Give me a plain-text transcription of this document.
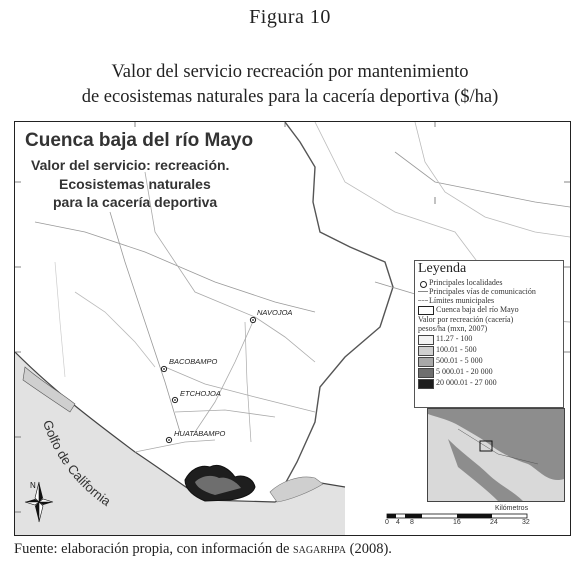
Figura 10
Valor del servicio recreación por mantenimiento
de ecosistemas naturales para la cacería deportiva ($/ha)
Golfo de California
N
Cuenca baja del río Mayo
Valor del servicio: recreación.
Ecosistemas naturales
para la cacería deportiva
NAVOJOA
BACOBAMPO
ETCHOJOA
HUATABAMPO
Leyenda
Principales localidades
Principales vías de comunicación
Límites municipales
Cuenca baja del río Mayo
Valor por recreación (cacería)
pesos/ha (mxn, 2007)
11.27 - 100
100.01 - 500
500.01 - 5 000
5 000.01 - 20 000
20 000.01 - 27 000
0 4 8	16	24	32
Kilómetros
Fuente: elaboración propia, con información de sagarhpa (2008).
